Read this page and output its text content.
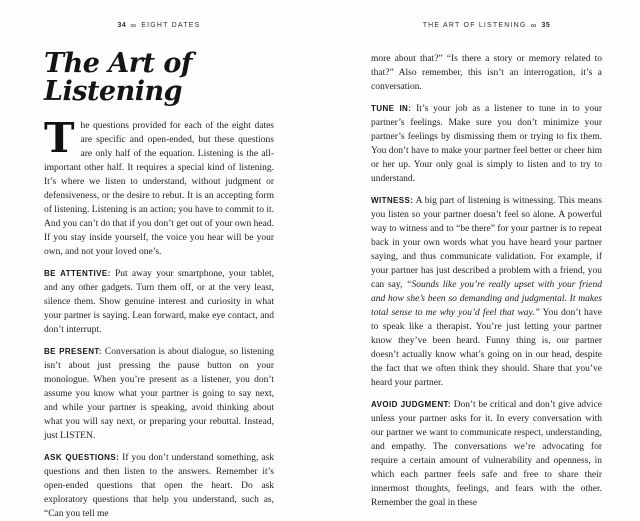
34 ∞ EIGHT DATES
The Art of Listening

The questions provided for each of the eight dates are specific and open-ended, but these questions are only half of the equation. Listening is the all-important other half. It requires a special kind of listening. It’s where we listen to understand, without judgment or defensiveness, or the desire to rebut. It is an accepting form of listening. Listening is an action; you have to commit to it. And you can’t do that if you don’t get out of your own head. If you stay inside yourself, the voice you hear will be your own, and not your loved one’s.

BE ATTENTIVE: Put away your smartphone, your tablet, and any other gadgets. Turn them off, or at the very least, silence them. Show genuine interest and curiosity in what your partner is saying. Lean forward, make eye contact, and don’t interrupt.

BE PRESENT: Conversation is about dialogue, so listening isn’t about just pressing the pause button on your monologue. When you’re present as a listener, you don’t assume you know what your partner is going to say next, and while your partner is speaking, avoid thinking about what you will say next, or preparing your rebuttal. Instead, just LISTEN.

ASK QUESTIONS: If you don’t understand something, ask questions and then listen to the answers. Remember it’s open-ended questions that open the heart. Do ask exploratory questions that help you understand, such as, “Can you tell me

THE ART OF LISTENING ∞ 35

more about that?” “Is there a story or memory related to that?” Also remember, this isn’t an interrogation, it’s a conversation.

TUNE IN: It’s your job as a listener to tune in to your partner’s feelings. Make sure you don’t minimize your partner’s feelings by dismissing them or trying to fix them. You don’t have to make your partner feel better or cheer him or her up. Your only goal is simply to listen and to try to understand.

WITNESS: A big part of listening is witnessing. This means you listen so your partner doesn’t feel so alone. A powerful way to witness and to “be there” for your partner is to repeat back in your own words what you have heard your partner saying, and thus communicate validation. For example, if your partner has just described a problem with a friend, you can say, “Sounds like you’re really upset with your friend and how she’s been so demanding and judgmental. It makes total sense to me why you’d feel that way.” You don’t have to speak like a therapist. You’re just letting your partner know they’ve been heard. Funny thing is, our partner doesn’t actually know what’s going on in our head, despite the fact that we often think they should. Share that you’ve heard your partner.

AVOID JUDGMENT: Don’t be critical and don’t give advice unless your partner asks for it. In every conversation with our partner we want to communicate respect, understanding, and empathy. The conversations we’re advocating for require a certain amount of vulnerability and openness, in which each partner feels safe and free to share their innermost thoughts, feelings, and fears with the other. Remember the goal in these
